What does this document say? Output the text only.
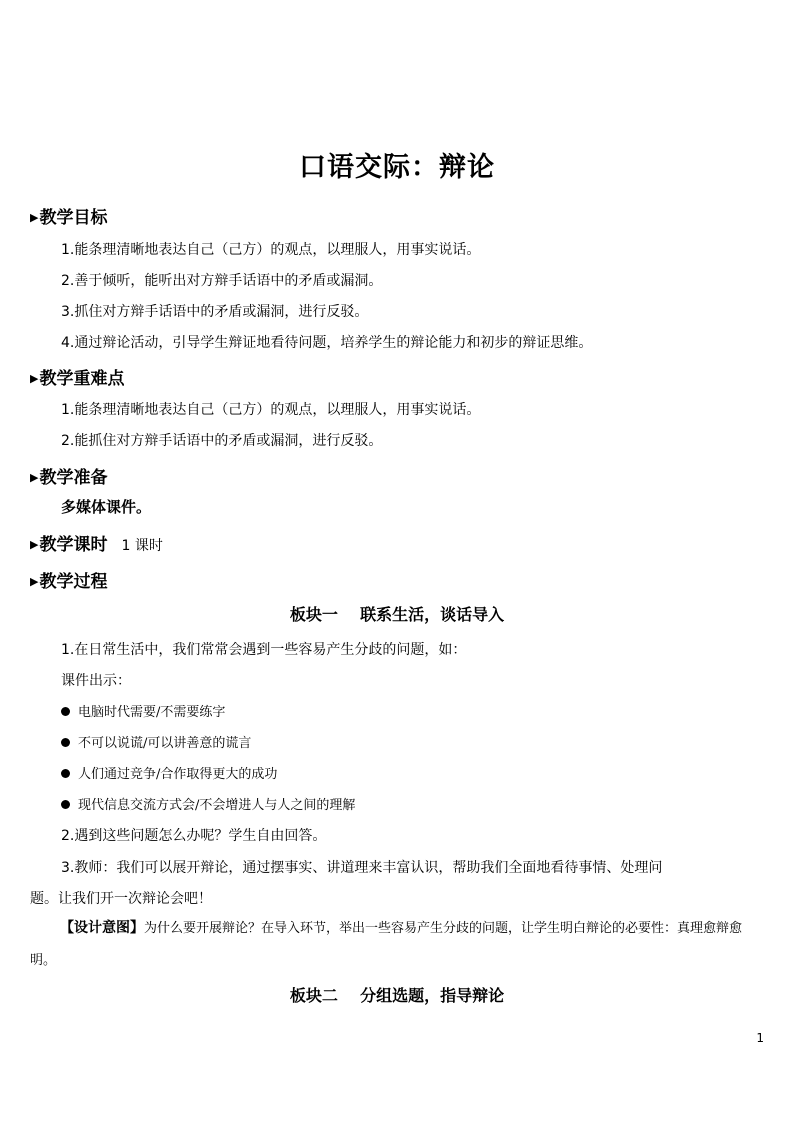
口语交际：辩论
▶教学目标
1.能条理清晰地表达自己（己方）的观点，以理服人，用事实说话。
2.善于倾听，能听出对方辩手话语中的矛盾或漏洞。
3.抓住对方辩手话语中的矛盾或漏洞，进行反驳。
4.通过辩论活动，引导学生辩证地看待问题，培养学生的辩论能力和初步的辩证思维。
▶教学重难点
1.能条理清晰地表达自己（己方）的观点，以理服人，用事实说话。
2.能抓住对方辩手话语中的矛盾或漏洞，进行反驳。
▶教学准备
多媒体课件。
▶教学课时 1 课时
▶教学过程
板块一    联系生活，谈话导入
1.在日常生活中，我们常常会遇到一些容易产生分歧的问题，如：
课件出示：
电脑时代需要/不需要练字
不可以说谎/可以讲善意的谎言
人们通过竞争/合作取得更大的成功
现代信息交流方式会/不会增进人与人之间的理解
2.遇到这些问题怎么办呢？学生自由回答。
3.教师：我们可以展开辩论，通过摆事实、讲道理来丰富认识，帮助我们全面地看待事情、处理问
题。让我们开一次辩论会吧！
【设计意图】为什么要开展辩论？在导入环节，举出一些容易产生分歧的问题，让学生明白辩论的必要性：真理愈辩愈明。
板块二    分组选题，指导辩论
1
